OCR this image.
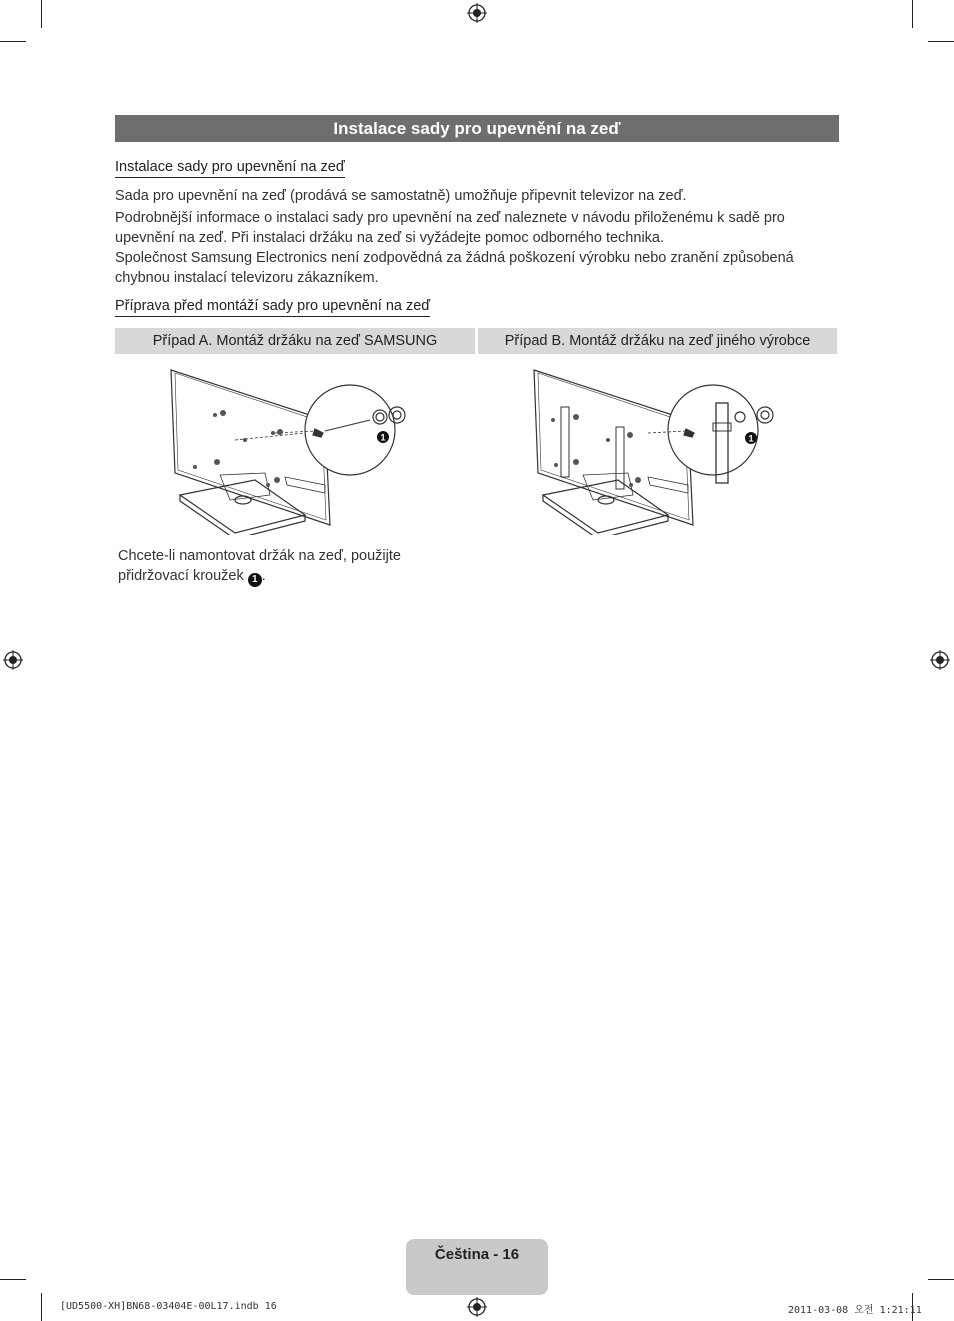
Instalace sady pro upevnění na zeď
Instalace sady pro upevnění na zeď
Sada pro upevnění na zeď (prodává se samostatně) umožňuje připevnit televizor na zeď.
Podrobnější informace o instalaci sady pro upevnění na zeď naleznete v návodu přiloženému k sadě pro upevnění na zeď. Při instalaci držáku na zeď si vyžádejte pomoc odborného technika.
Společnost Samsung Electronics není zodpovědná za žádná poškození výrobku nebo zranění způsobená chybnou instalací televizoru zákazníkem.
Příprava před montáží sady pro upevnění na zeď
Případ A. Montáž držáku na zeď SAMSUNG	Případ B. Montáž držáku na zeď jiného výrobce
1	1
Chcete-li namontovat držák na zeď, použijte
přidržovací kroužek 1 .
Čeština - 16
[UD5500-XH]BN68-03404E-00L17.indb 16	2011-03-08 오전 1:21:11
